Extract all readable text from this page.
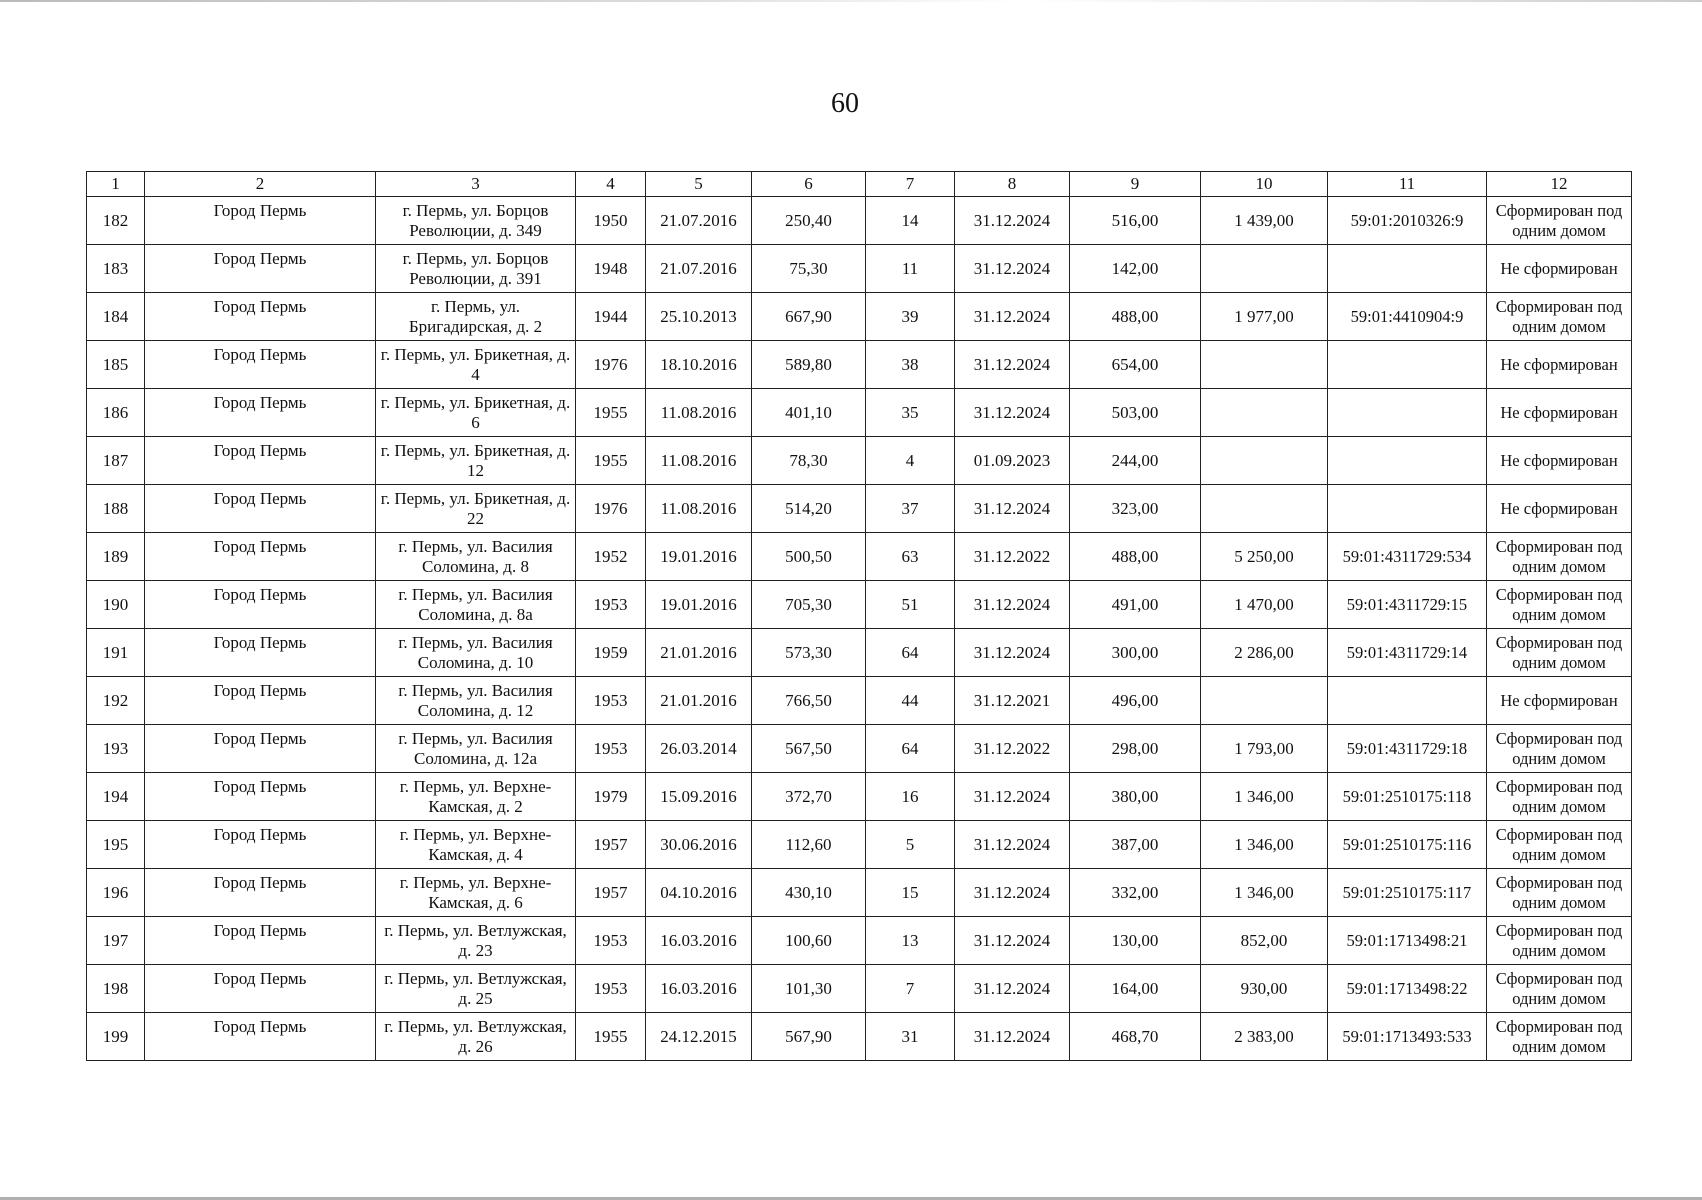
60
1	2	3	4	5	6	7	8	9	10	11	12
182	Город Пермь	г. Пермь, ул. Борцов Революции, д. 349	1950	21.07.2016	250,40	14	31.12.2024	516,00	1 439,00	59:01:2010326:9	Сформирован под одним домом
183	Город Пермь	г. Пермь, ул. Борцов Революции, д. 391	1948	21.07.2016	75,30	11	31.12.2024	142,00			Не сформирован
184	Город Пермь	г. Пермь, ул. Бригадирская, д. 2	1944	25.10.2013	667,90	39	31.12.2024	488,00	1 977,00	59:01:4410904:9	Сформирован под одним домом
185	Город Пермь	г. Пермь, ул. Брикетная, д. 4	1976	18.10.2016	589,80	38	31.12.2024	654,00			Не сформирован
186	Город Пермь	г. Пермь, ул. Брикетная, д. 6	1955	11.08.2016	401,10	35	31.12.2024	503,00			Не сформирован
187	Город Пермь	г. Пермь, ул. Брикетная, д. 12	1955	11.08.2016	78,30	4	01.09.2023	244,00			Не сформирован
188	Город Пермь	г. Пермь, ул. Брикетная, д. 22	1976	11.08.2016	514,20	37	31.12.2024	323,00			Не сформирован
189	Город Пермь	г. Пермь, ул. Василия Соломина, д. 8	1952	19.01.2016	500,50	63	31.12.2022	488,00	5 250,00	59:01:4311729:534	Сформирован под одним домом
190	Город Пермь	г. Пермь, ул. Василия Соломина, д. 8а	1953	19.01.2016	705,30	51	31.12.2024	491,00	1 470,00	59:01:4311729:15	Сформирован под одним домом
191	Город Пермь	г. Пермь, ул. Василия Соломина, д. 10	1959	21.01.2016	573,30	64	31.12.2024	300,00	2 286,00	59:01:4311729:14	Сформирован под одним домом
192	Город Пермь	г. Пермь, ул. Василия Соломина, д. 12	1953	21.01.2016	766,50	44	31.12.2021	496,00			Не сформирован
193	Город Пермь	г. Пермь, ул. Василия Соломина, д. 12а	1953	26.03.2014	567,50	64	31.12.2022	298,00	1 793,00	59:01:4311729:18	Сформирован под одним домом
194	Город Пермь	г. Пермь, ул. Верхне-Камская, д. 2	1979	15.09.2016	372,70	16	31.12.2024	380,00	1 346,00	59:01:2510175:118	Сформирован под одним домом
195	Город Пермь	г. Пермь, ул. Верхне-Камская, д. 4	1957	30.06.2016	112,60	5	31.12.2024	387,00	1 346,00	59:01:2510175:116	Сформирован под одним домом
196	Город Пермь	г. Пермь, ул. Верхне-Камская, д. 6	1957	04.10.2016	430,10	15	31.12.2024	332,00	1 346,00	59:01:2510175:117	Сформирован под одним домом
197	Город Пермь	г. Пермь, ул. Ветлужская, д. 23	1953	16.03.2016	100,60	13	31.12.2024	130,00	852,00	59:01:1713498:21	Сформирован под одним домом
198	Город Пермь	г. Пермь, ул. Ветлужская, д. 25	1953	16.03.2016	101,30	7	31.12.2024	164,00	930,00	59:01:1713498:22	Сформирован под одним домом
199	Город Пермь	г. Пермь, ул. Ветлужская, д. 26	1955	24.12.2015	567,90	31	31.12.2024	468,70	2 383,00	59:01:1713493:533	Сформирован под одним домом
